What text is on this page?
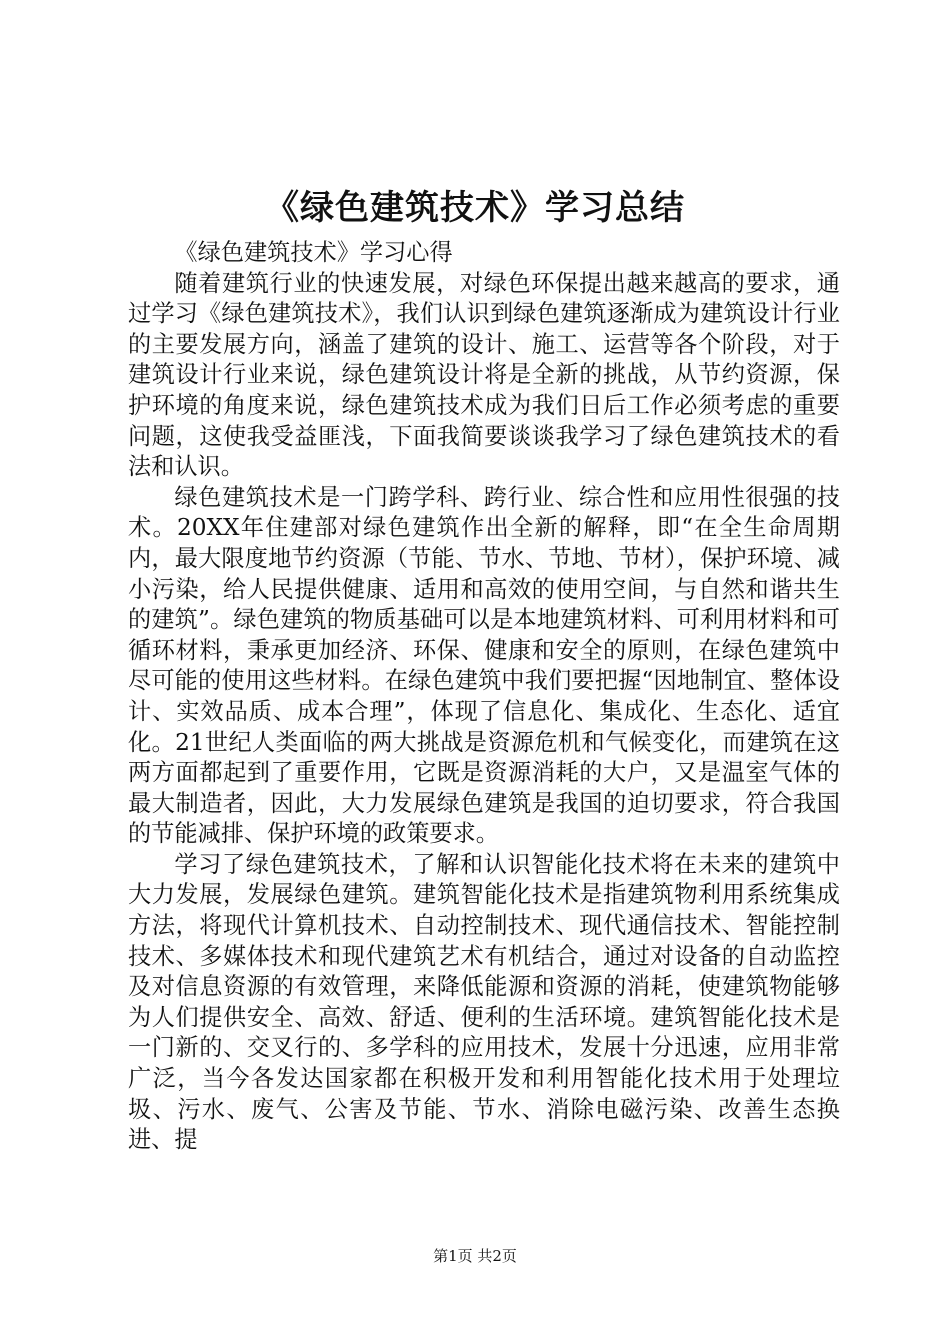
《绿色建筑技术》学习总结

《绿色建筑技术》学习心得

随着建筑行业的快速发展，对绿色环保提出越来越高的要求，通过学习《绿色建筑技术》，我们认识到绿色建筑逐渐成为建筑设计行业的主要发展方向，涵盖了建筑的设计、施工、运营等各个阶段，对于建筑设计行业来说，绿色建筑设计将是全新的挑战，从节约资源，保护环境的角度来说，绿色建筑技术成为我们日后工作必须考虑的重要问题，这使我受益匪浅，下面我简要谈谈我学习了绿色建筑技术的看法和认识。

绿色建筑技术是一门跨学科、跨行业、综合性和应用性很强的技术。20XX年住建部对绿色建筑作出全新的解释，即“在全生命周期内，最大限度地节约资源（节能、节水、节地、节材），保护环境、减小污染，给人民提供健康、适用和高效的使用空间，与自然和谐共生的建筑”。绿色建筑的物质基础可以是本地建筑材料、可利用材料和可循环材料，秉承更加经济、环保、健康和安全的原则，在绿色建筑中尽可能的使用这些材料。在绿色建筑中我们要把握“因地制宜、整体设计、实效品质、成本合理”，体现了信息化、集成化、生态化、适宜化。21世纪人类面临的两大挑战是资源危机和气候变化，而建筑在这两方面都起到了重要作用，它既是资源消耗的大户，又是温室气体的最大制造者，因此，大力发展绿色建筑是我国的迫切要求，符合我国的节能减排、保护环境的政策要求。

学习了绿色建筑技术，了解和认识智能化技术将在未来的建筑中大力发展，发展绿色建筑。建筑智能化技术是指建筑物利用系统集成方法，将现代计算机技术、自动控制技术、现代通信技术、智能控制技术、多媒体技术和现代建筑艺术有机结合，通过对设备的自动监控及对信息资源的有效管理，来降低能源和资源的消耗，使建筑物能够为人们提供安全、高效、舒适、便利的生活环境。建筑智能化技术是一门新的、交叉行的、多学科的应用技术，发展十分迅速，应用非常广泛，当今各发达国家都在积极开发和利用智能化技术用于处理垃圾、污水、废气、公害及节能、节水、消除电磁污染、改善生态换进、提

第1页 共2页
